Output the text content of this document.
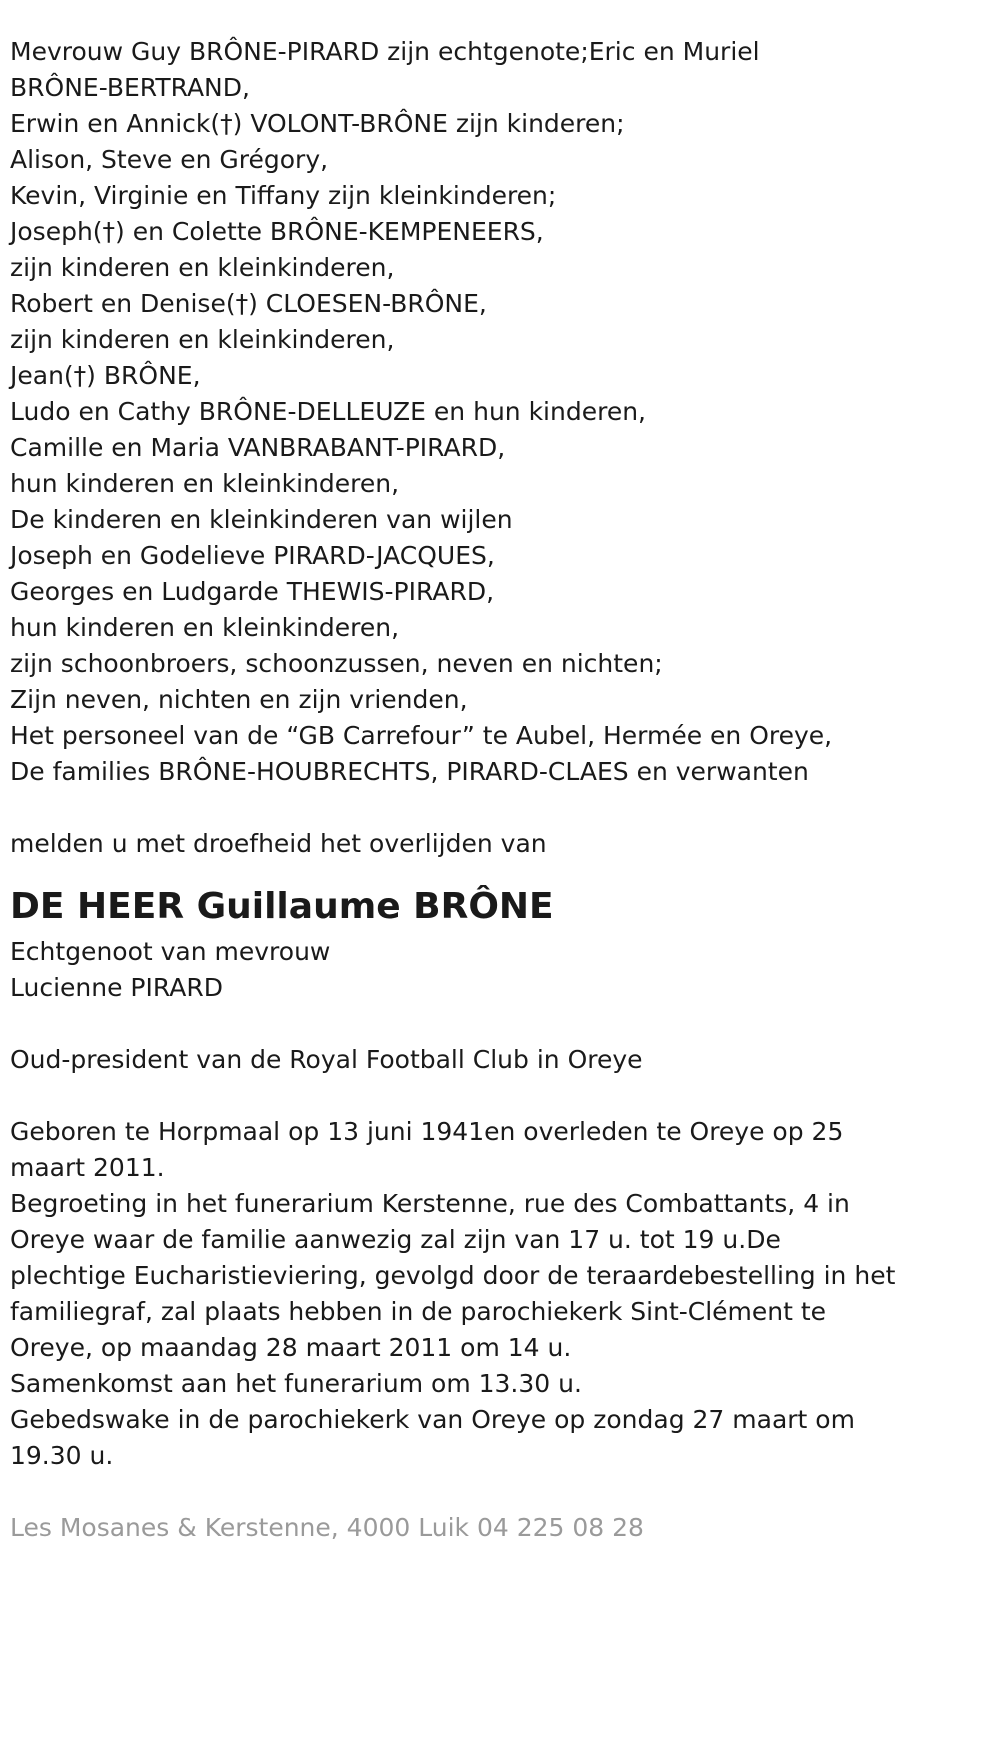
Mevrouw Guy BRÔNE-PIRARD zijn echtgenote;Eric en Muriel BRÔNE-BERTRAND,
Erwin en Annick(†) VOLONT-BRÔNE zijn kinderen;
Alison, Steve en Grégory,
Kevin, Virginie en Tiffany zijn kleinkinderen;
Joseph(†) en Colette BRÔNE-KEMPENEERS,
zijn kinderen en kleinkinderen,
Robert en Denise(†) CLOESEN-BRÔNE,
zijn kinderen en kleinkinderen,
Jean(†) BRÔNE,
Ludo en Cathy BRÔNE-DELLEUZE en hun kinderen,
Camille en Maria VANBRABANT-PIRARD,
hun kinderen en kleinkinderen,
De kinderen en kleinkinderen van wijlen
Joseph en Godelieve PIRARD-JACQUES,
Georges en Ludgarde THEWIS-PIRARD,
hun kinderen en kleinkinderen,
zijn schoonbroers, schoonzussen, neven en nichten;
Zijn neven, nichten en zijn vrienden,
Het personeel van de “GB Carrefour” te Aubel, Hermée en Oreye,
De families BRÔNE-HOUBRECHTS, PIRARD-CLAES en verwanten
melden u met droefheid het overlijden van
DE HEER Guillaume BRÔNE
Echtgenoot van mevrouw
Lucienne PIRARD
Oud-president van de Royal Football Club in Oreye
Geboren te Horpmaal op 13 juni 1941en overleden te Oreye op 25 maart 2011.
Begroeting in het funerarium Kerstenne, rue des Combattants, 4 in Oreye waar de familie aanwezig zal zijn van 17 u. tot 19 u.De plechtige Eucharistieviering, gevolgd door de teraardebestelling in het familiegraf, zal plaats hebben in de parochiekerk Sint-Clément te Oreye, op maandag 28 maart 2011 om 14 u.
Samenkomst aan het funerarium om 13.30 u.
Gebedswake in de parochiekerk van Oreye op zondag 27 maart om 19.30 u.
Les Mosanes & Kerstenne, 4000 Luik 04 225 08 28
